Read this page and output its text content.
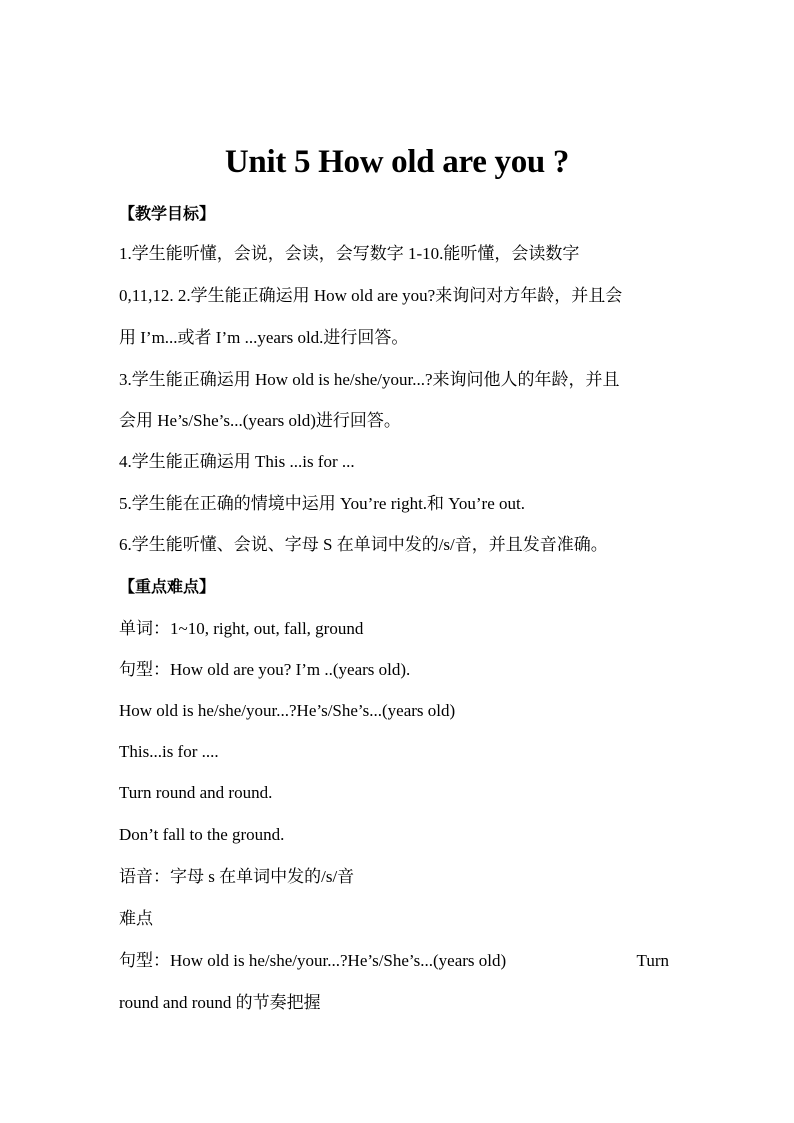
Unit 5 How old are you ?
【教学目标】
1.学生能听懂，会说，会读，会写数字 1-10.能听懂，会读数字
0,11,12. 2.学生能正确运用 How old are you?来询问对方年龄，并且会
用 I’m...或者 I’m ...years old.进行回答。
3.学生能正确运用 How old is he/she/your...?来询问他人的年龄，并且
会用 He’s/She’s...(years old)进行回答。
4.学生能正确运用 This ...is for ...
5.学生能在正确的情境中运用 You’re right.和 You’re out.
6.学生能听懂、会说、字母 S 在单词中发的/s/音，并且发音准确。
【重点难点】
单词：1~10, right, out, fall, ground
句型：How old are you? I’m ..(years old).
How old is he/she/your...?He’s/She’s...(years old)
This...is for ....
Turn round and round.
Don’t fall to the ground.
语音：字母 s 在单词中发的/s/音
难点
句型：How old is he/she/your...?He’s/She’s...(years old)	Turn
round and round 的节奏把握
